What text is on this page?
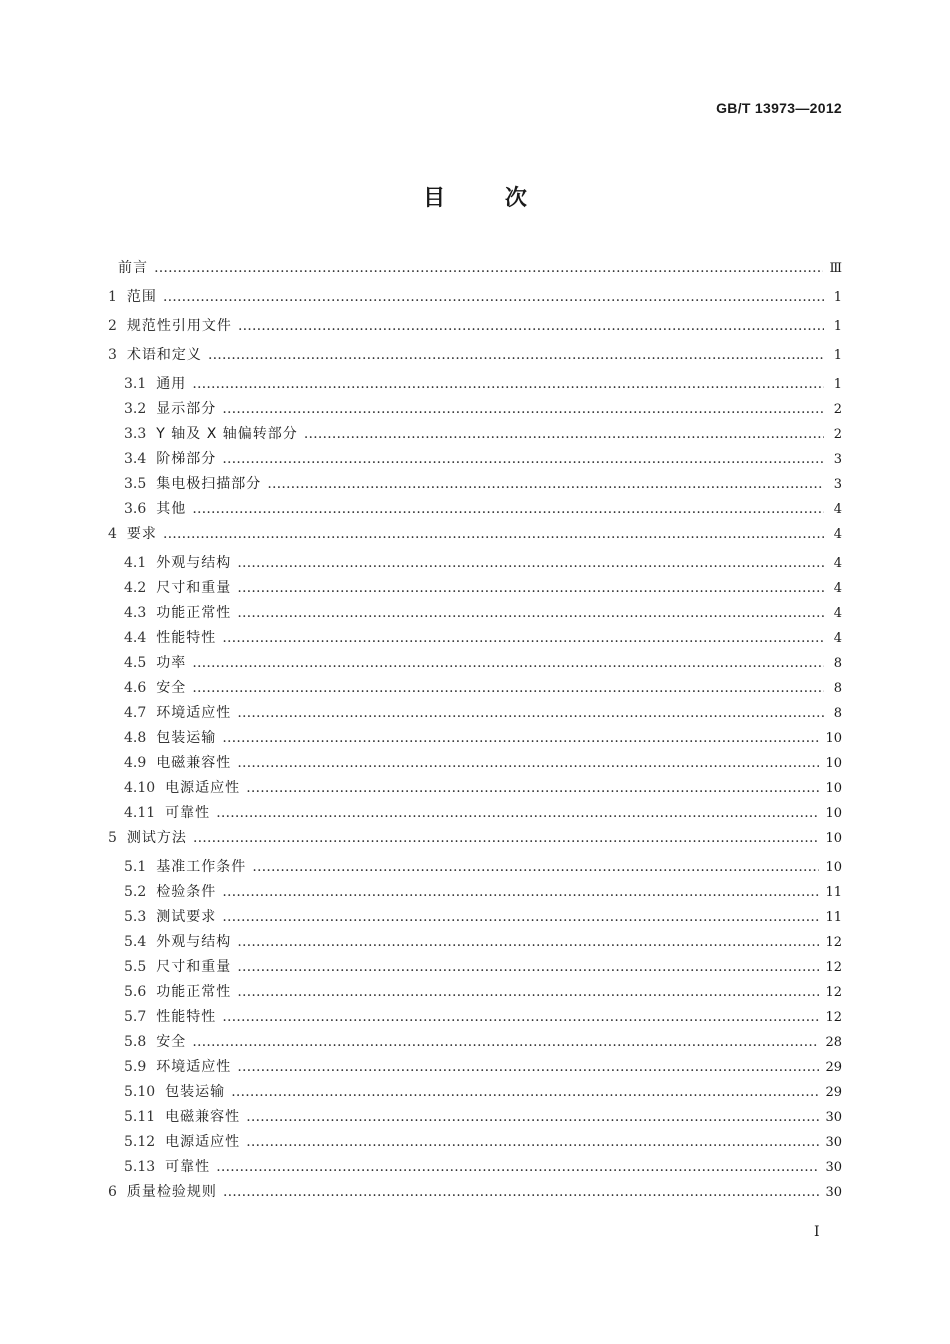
GB/T 13973—2012
目	次
前言 ……………………………………………………………………………………………………………………………………………………………………………………………………………………………………	Ⅲ
1 范围 ……………………………………………………………………………………………………………………………………………………………………………………………………………………………………	1
2 规范性引用文件 ……………………………………………………………………………………………………………………………………………………………………………………………………………………………………	1
3 术语和定义 ……………………………………………………………………………………………………………………………………………………………………………………………………………………………………	1
3.1 通用 ……………………………………………………………………………………………………………………………………………………………………………………………………………………………………	1
3.2 显示部分 ……………………………………………………………………………………………………………………………………………………………………………………………………………………………………	2
3.3 Y 轴及 X 轴偏转部分 ……………………………………………………………………………………………………………………………………………………………………………………………………………………………………	2
3.4 阶梯部分 ……………………………………………………………………………………………………………………………………………………………………………………………………………………………………	3
3.5 集电极扫描部分 ……………………………………………………………………………………………………………………………………………………………………………………………………………………………………	3
3.6 其他 ……………………………………………………………………………………………………………………………………………………………………………………………………………………………………	4
4 要求 ……………………………………………………………………………………………………………………………………………………………………………………………………………………………………	4
4.1 外观与结构 ……………………………………………………………………………………………………………………………………………………………………………………………………………………………………	4
4.2 尺寸和重量 ……………………………………………………………………………………………………………………………………………………………………………………………………………………………………	4
4.3 功能正常性 ……………………………………………………………………………………………………………………………………………………………………………………………………………………………………	4
4.4 性能特性 ……………………………………………………………………………………………………………………………………………………………………………………………………………………………………	4
4.5 功率 ……………………………………………………………………………………………………………………………………………………………………………………………………………………………………	8
4.6 安全 ……………………………………………………………………………………………………………………………………………………………………………………………………………………………………	8
4.7 环境适应性 ……………………………………………………………………………………………………………………………………………………………………………………………………………………………………	8
4.8 包装运输 ……………………………………………………………………………………………………………………………………………………………………………………………………………………………………	10
4.9 电磁兼容性 ……………………………………………………………………………………………………………………………………………………………………………………………………………………………………	10
4.10 电源适应性 ……………………………………………………………………………………………………………………………………………………………………………………………………………………………………	10
4.11 可靠性 ……………………………………………………………………………………………………………………………………………………………………………………………………………………………………	10
5 测试方法 ……………………………………………………………………………………………………………………………………………………………………………………………………………………………………	10
5.1 基准工作条件 ……………………………………………………………………………………………………………………………………………………………………………………………………………………………………	10
5.2 检验条件 ……………………………………………………………………………………………………………………………………………………………………………………………………………………………………	11
5.3 测试要求 ……………………………………………………………………………………………………………………………………………………………………………………………………………………………………	11
5.4 外观与结构 ……………………………………………………………………………………………………………………………………………………………………………………………………………………………………	12
5.5 尺寸和重量 ……………………………………………………………………………………………………………………………………………………………………………………………………………………………………	12
5.6 功能正常性 ……………………………………………………………………………………………………………………………………………………………………………………………………………………………………	12
5.7 性能特性 ……………………………………………………………………………………………………………………………………………………………………………………………………………………………………	12
5.8 安全 ……………………………………………………………………………………………………………………………………………………………………………………………………………………………………	28
5.9 环境适应性 ……………………………………………………………………………………………………………………………………………………………………………………………………………………………………	29
5.10 包装运输 ……………………………………………………………………………………………………………………………………………………………………………………………………………………………………	29
5.11 电磁兼容性 ……………………………………………………………………………………………………………………………………………………………………………………………………………………………………	30
5.12 电源适应性 ……………………………………………………………………………………………………………………………………………………………………………………………………………………………………	30
5.13 可靠性 ……………………………………………………………………………………………………………………………………………………………………………………………………………………………………	30
6 质量检验规则 ……………………………………………………………………………………………………………………………………………………………………………………………………………………………………	30
I
